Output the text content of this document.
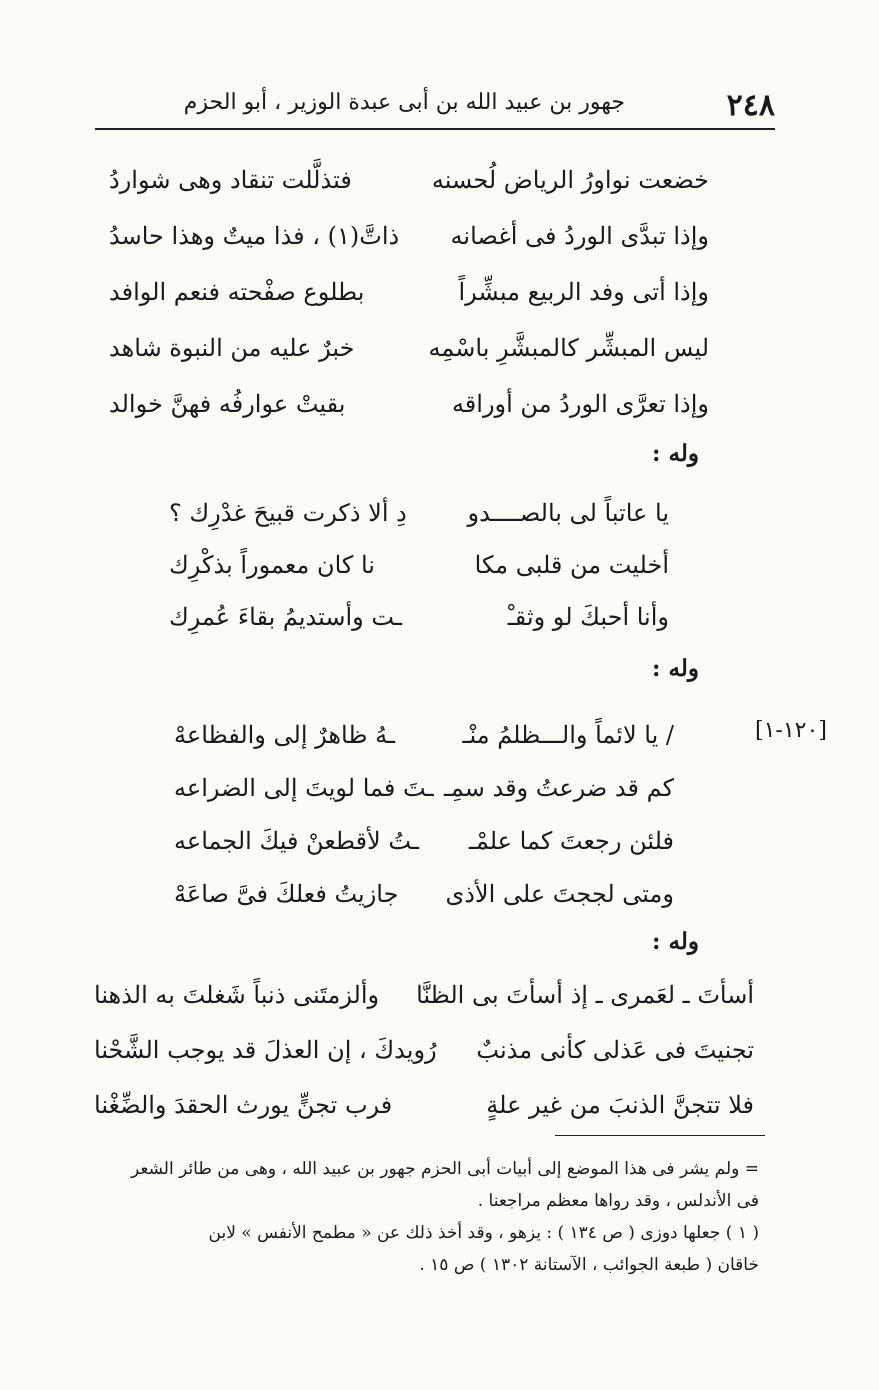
٢٤٨
جهور بن عبيد الله بن أبى عبدة الوزير ، أبو الحزم
خضعت نواورُ الرياض لُحسنه
فتذلَّلت تنقاد وهى شواردُ
وإذا تبدَّى الوردُ فى أغصانه
ذاتَّ(١) ، فذا ميتٌ وهذا حاسدُ
وإذا أتى وفد الربيع مبشِّراً
بطلوع صفْحته فنعم الوافد
ليس المبشِّر كالمبشَّرِ باسْمِه
خبرٌ عليه من النبوة شاهد
وإذا تعرَّى الوردُ من أوراقه
بقيتْ عوارفُه فهنَّ خوالد
وله :
يا عاتباً لى بالصــــدو
دِ ألا ذكرت قبيحَ غدْرِك ؟
أخليت من قلبى مكا
نا كان معموراً بذكْرِك
وأنا أحبكَ لو وثقـْ
ـت وأستديمُ بقاءَ عُمرِك
وله :
[١٢٠-١]
/ يا لائماً والـــظلمُ منْـ
ـهُ ظاهرٌ إلى والفظاعهْ
كم قد ضرعتُ وقد سمِـ
ـتَ فما لويتَ إلى الضراعه
فلئن رجعتَ كما علمْـ
ـتُ لأقطعنْ فيكَ الجماعه
ومتى لججتَ على الأذى
جازيتُ فعلكَ فىَّ صاعَهْ
وله :
أسأتَ ـ لعَمرى ـ إذ أسأتَ بى الظنَّا
وألزمتَنى ذنباً شَغلتَ به الذهنا
تجنيتَ فى عَذلى كأنى مذنبٌ
رُويدكَ ، إن العذلَ قد يوجب الشَّحْنا
فلا تتجنَّ الذنبَ من غير علةٍ
فرب تجنٍّ يورث الحقدَ والضِّغْنا
= ولم يشر فى هذا الموضع إلى أبيات أبى الحزم جهور بن عبيد الله ، وهى من طائر الشعر
فى الأندلس ، وقد رواها معظم مراجعنا .
( ١ ) جعلها دوزى ( ص ١٣٤ ) : يزهو ، وقد أخذ ذلك عن « مطمح الأنفس » لابن
خاقان ( طبعة الجوائب ، الآستانة ١٣٠٢ ) ص ١٥ .
